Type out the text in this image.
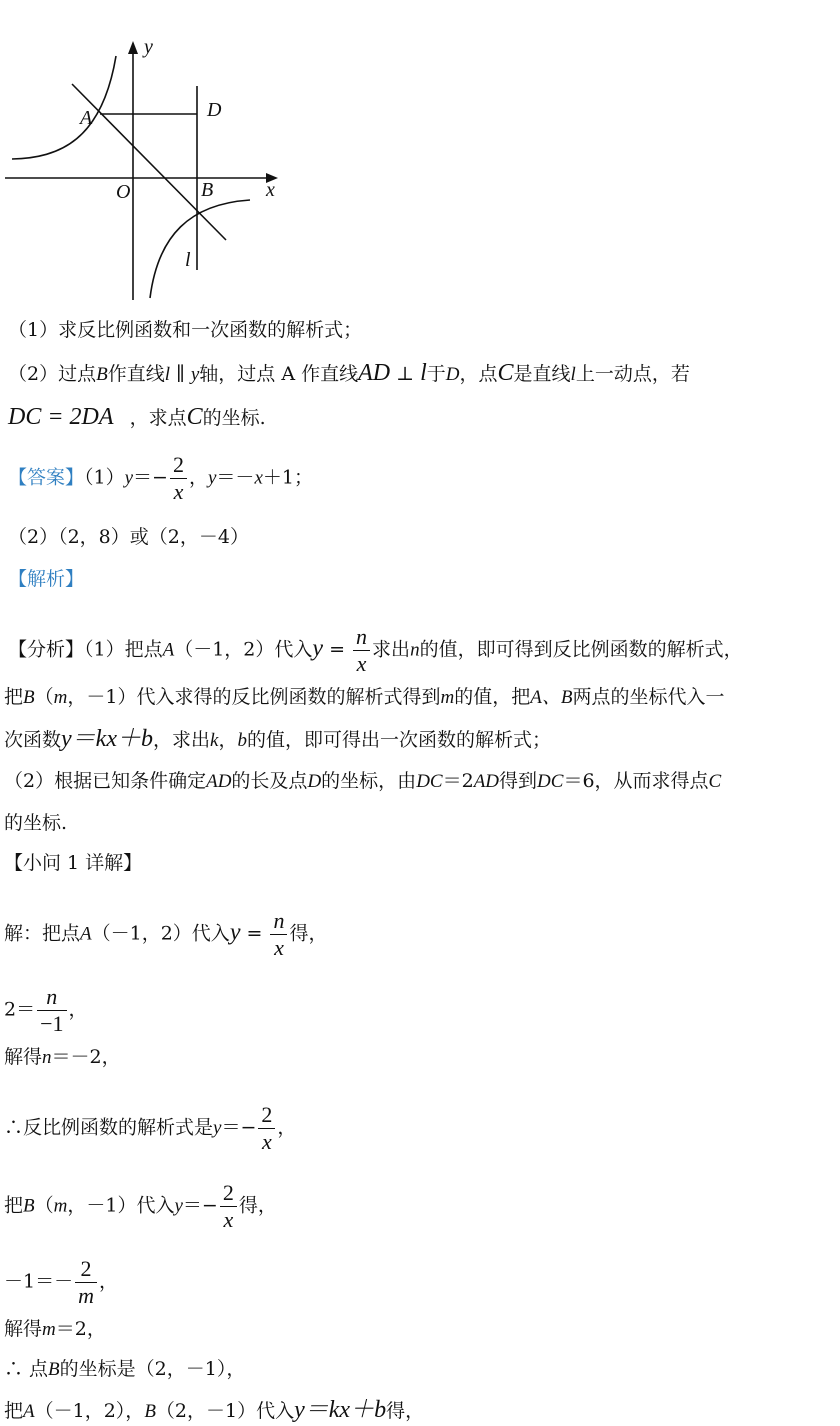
y
x
A	D
O	B
l
（1）求反比例函数和一次函数的解析式；
（2）过点B作直线l ∥ y轴，过点 A 作直线AD ⊥ l于D，点C是直线l上一动点，若
DC = 2DA ，求点C的坐标.
【答案】$(1)y=- \frac{2}{x}$ ，y＝－x＋1；
（2）（2，8）或（2，－4）
【解析】
【分析】（1）把点A（－1，2）代入$y = \frac{n}{x}$ 求出n的值，即可得到反比例函数的解析式，
把B（m，－1）代入求得的反比例函数的解析式得到m的值，把A、B两点的坐标代入一
次函数y＝kx＋b，求出k，b的值，即可得出一次函数的解析式；
（2）根据已知条件确定AD的长及点D的坐标，由DC＝2AD得到DC＝6，从而求得点C
的坐标.
【小问 1 详解】
解：把点A（－1，2）代入$y = \frac{n}{x}$ 得，
$2= \frac{n}{-1}$ ，
解得n＝－2，
∴反比例函数的解析式是$y=- \frac{2}{x}$ ，
把B（m，－1）代入$y=- \frac{2}{x}$ 得，
$-1=- \frac{2}{m}$ ，
解得m＝2，
∴ 点B的坐标是（2，－1），
把A（－1，2），B（2，－1）代入y＝kx＋b得，
